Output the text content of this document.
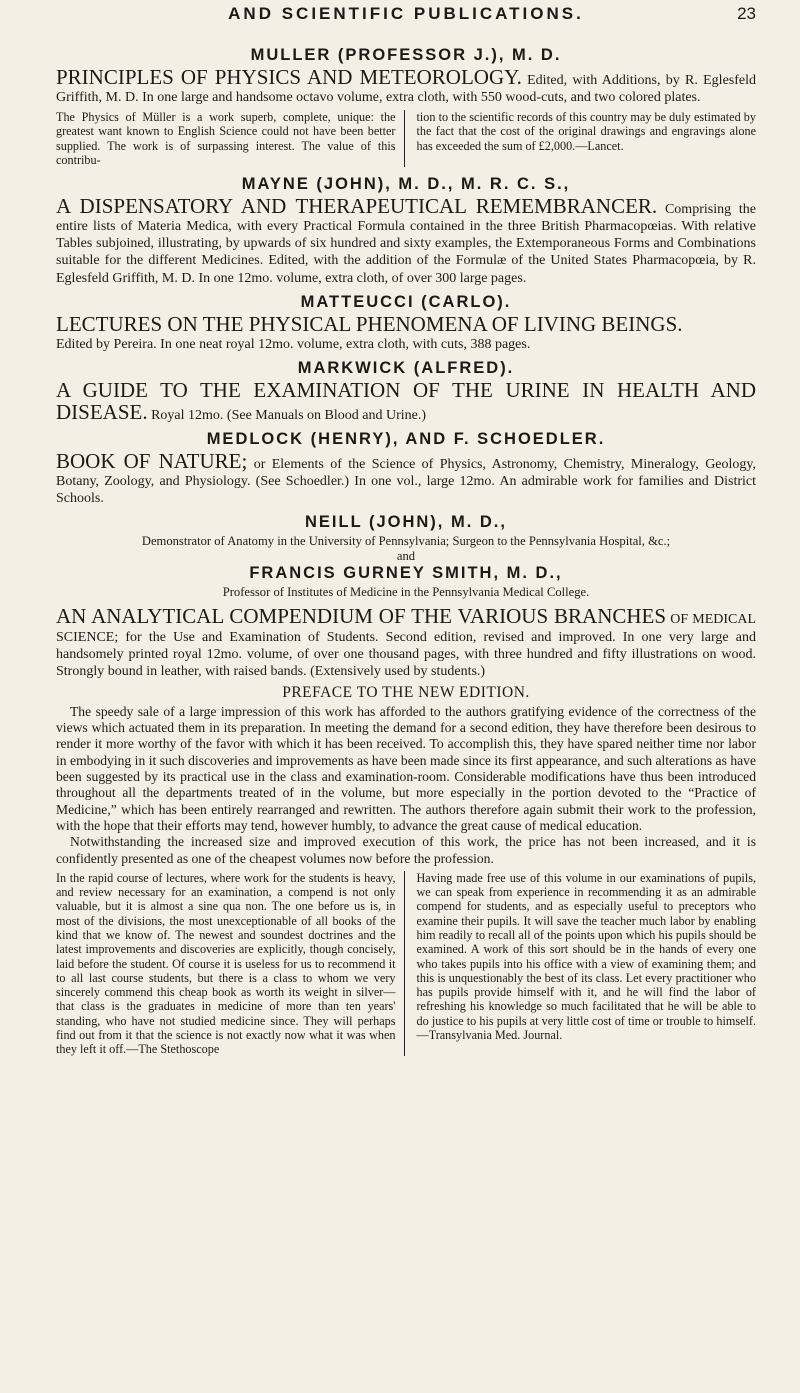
AND SCIENTIFIC PUBLICATIONS.	23
MULLER (PROFESSOR J.), M. D.

PRINCIPLES OF PHYSICS AND METEOROLOGY. Edited, with Additions, by R. Eglesfeld Griffith, M. D. In one large and handsome octavo volume, extra cloth, with 550 wood-cuts, and two colored plates.

The Physics of Müller is a work superb, complete, unique: the greatest want known to English Science could not have been better supplied. The work is of surpassing interest. The value of this contribu-
tion to the scientific records of this country may be duly estimated by the fact that the cost of the original drawings and engravings alone has exceeded the sum of £2,000.—Lancet.
MAYNE (JOHN), M. D., M. R. C. S.,

A DISPENSATORY AND THERAPEUTICAL REMEMBRANCER. Comprising the entire lists of Materia Medica, with every Practical Formula contained in the three British Pharmacopœias. With relative Tables subjoined, illustrating, by upwards of six hundred and sixty examples, the Extemporaneous Forms and Combinations suitable for the different Medicines. Edited, with the addition of the Formulæ of the United States Pharmacopœia, by R. Eglesfeld Griffith, M. D. In one 12mo. volume, extra cloth, of over 300 large pages.

MATTEUCCI (CARLO).

LECTURES ON THE PHYSICAL PHENOMENA OF LIVING BEINGS.
Edited by Pereira. In one neat royal 12mo. volume, extra cloth, with cuts, 388 pages.

MARKWICK (ALFRED).

A GUIDE TO THE EXAMINATION OF THE URINE IN HEALTH AND DISEASE. Royal 12mo. (See Manuals on Blood and Urine.)

MEDLOCK (HENRY), AND F. SCHOEDLER.

BOOK OF NATURE; or Elements of the Science of Physics, Astronomy, Chemistry, Mineralogy, Geology, Botany, Zoology, and Physiology. (See Schoedler.) In one vol., large 12mo. An admirable work for families and District Schools.

NEILL (JOHN), M. D.,
Demonstrator of Anatomy in the University of Pennsylvania; Surgeon to the Pennsylvania Hospital, &c.;
and
FRANCIS GURNEY SMITH, M. D.,
Professor of Institutes of Medicine in the Pennsylvania Medical College.

AN ANALYTICAL COMPENDIUM OF THE VARIOUS BRANCHES OF MEDICAL SCIENCE; for the Use and Examination of Students. Second edition, revised and improved. In one very large and handsomely printed royal 12mo. volume, of over one thousand pages, with three hundred and fifty illustrations on wood. Strongly bound in leather, with raised bands. (Extensively used by students.)

PREFACE TO THE NEW EDITION.

The speedy sale of a large impression of this work has afforded to the authors gratifying evidence of the correctness of the views which actuated them in its preparation. In meeting the demand for a second edition, they have therefore been desirous to render it more worthy of the favor with which it has been received. To accomplish this, they have spared neither time nor labor in embodying in it such discoveries and improvements as have been made since its first appearance, and such alterations as have been suggested by its practical use in the class and examination-room. Considerable modifications have thus been introduced throughout all the departments treated of in the volume, but more especially in the portion devoted to the “Practice of Medicine,” which has been entirely rearranged and rewritten. The authors therefore again submit their work to the profession, with the hope that their efforts may tend, however humbly, to advance the great cause of medical education.

Notwithstanding the increased size and improved execution of this work, the price has not been increased, and it is confidently presented as one of the cheapest volumes now before the profession.

In the rapid course of lectures, where work for the students is heavy, and review necessary for an examination, a compend is not only valuable, but it is almost a sine qua non. The one before us is, in most of the divisions, the most unexceptionable of all books of the kind that we know of. The newest and soundest doctrines and the latest improvements and discoveries are explicitly, though concisely, laid before the student. Of course it is useless for us to recommend it to all last course students, but there is a class to whom we very sincerely commend this cheap book as worth its weight in silver—that class is the graduates in medicine of more than ten years' standing, who have not studied medicine since. They will perhaps find out from it that the science is not exactly now what it was when they left it off.—The Stethoscope
Having made free use of this volume in our examinations of pupils, we can speak from experience in recommending it as an admirable compend for students, and as especially useful to preceptors who examine their pupils. It will save the teacher much labor by enabling him readily to recall all of the points upon which his pupils should be examined. A work of this sort should be in the hands of every one who takes pupils into his office with a view of examining them; and this is unquestionably the best of its class. Let every practitioner who has pupils provide himself with it, and he will find the labor of refreshing his knowledge so much facilitated that he will be able to do justice to his pupils at very little cost of time or trouble to himself.—Transylvania Med. Journal.
